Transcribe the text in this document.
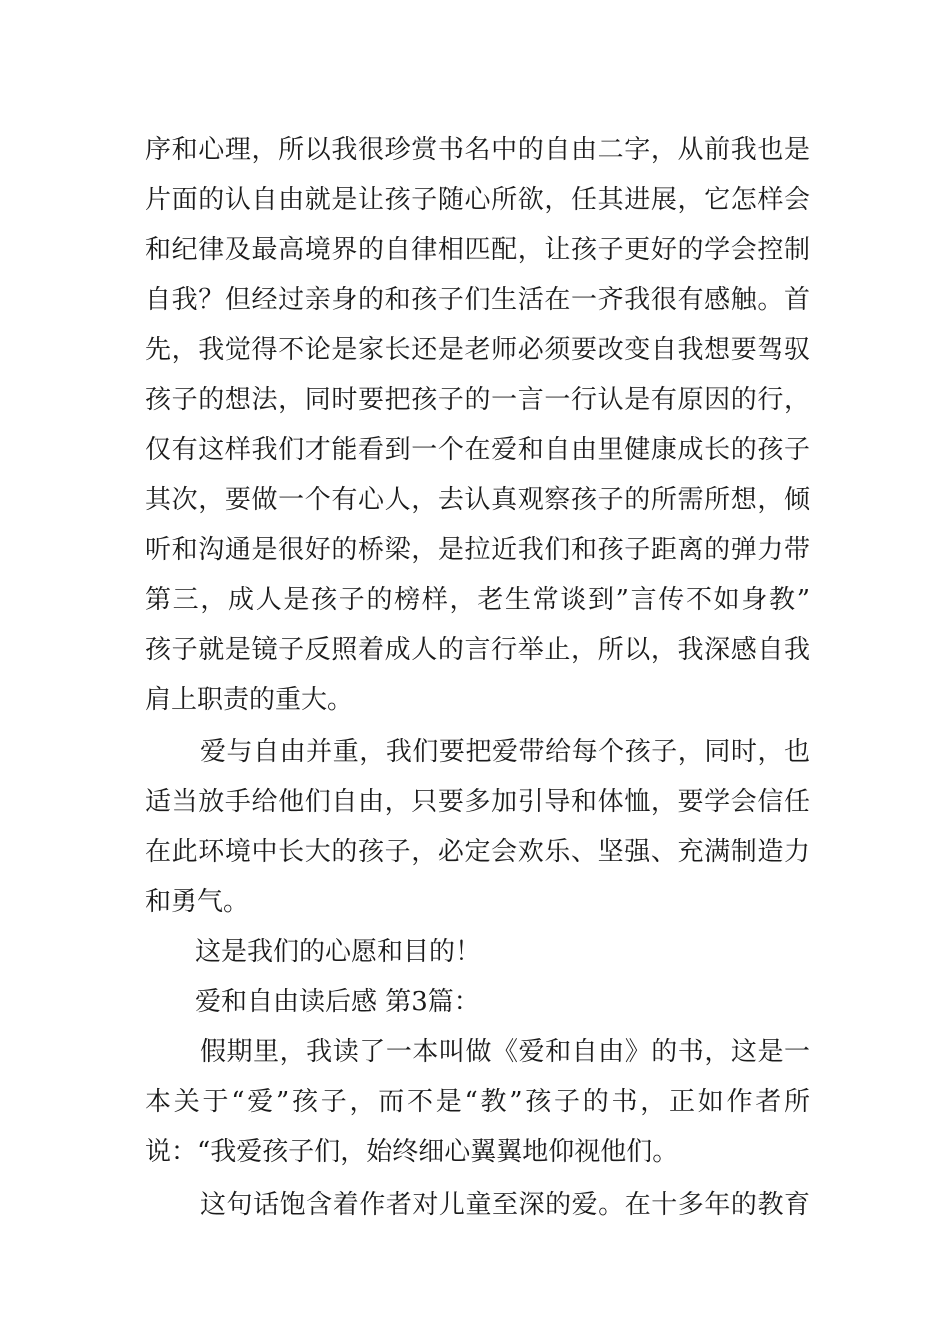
序和心理，所以我很珍赏书名中的自由二字，从前我也是
片面的认自由就是让孩子随心所欲，任其进展，它怎样会
和纪律及最高境界的自律相匹配，让孩子更好的学会控制
自我？但经过亲身的和孩子们生活在一齐我很有感触。首
先，我觉得不论是家长还是老师必须要改变自我想要驾驭
孩子的想法，同时要把孩子的一言一行认是有原因的行，
仅有这样我们才能看到一个在爱和自由里健康成长的孩子
其次，要做一个有心人，去认真观察孩子的所需所想，倾
听和沟通是很好的桥梁，是拉近我们和孩子距离的弹力带
第三，成人是孩子的榜样，老生常谈到”言传不如身教”
孩子就是镜子反照着成人的言行举止，所以，我深感自我
肩上职责的重大。
爱与自由并重，我们要把爱带给每个孩子，同时，也
适当放手给他们自由，只要多加引导和体恤，要学会信任
在此环境中长大的孩子，必定会欢乐、坚强、充满制造力
和勇气。
这是我们的心愿和目的！
爱和自由读后感 第3篇：
假期里，我读了一本叫做《爱和自由》的书，这是一
本关于“爱”孩子，而不是“教”孩子的书，正如作者所
说：“我爱孩子们，始终细心翼翼地仰视他们。
这句话饱含着作者对儿童至深的爱。在十多年的教育
